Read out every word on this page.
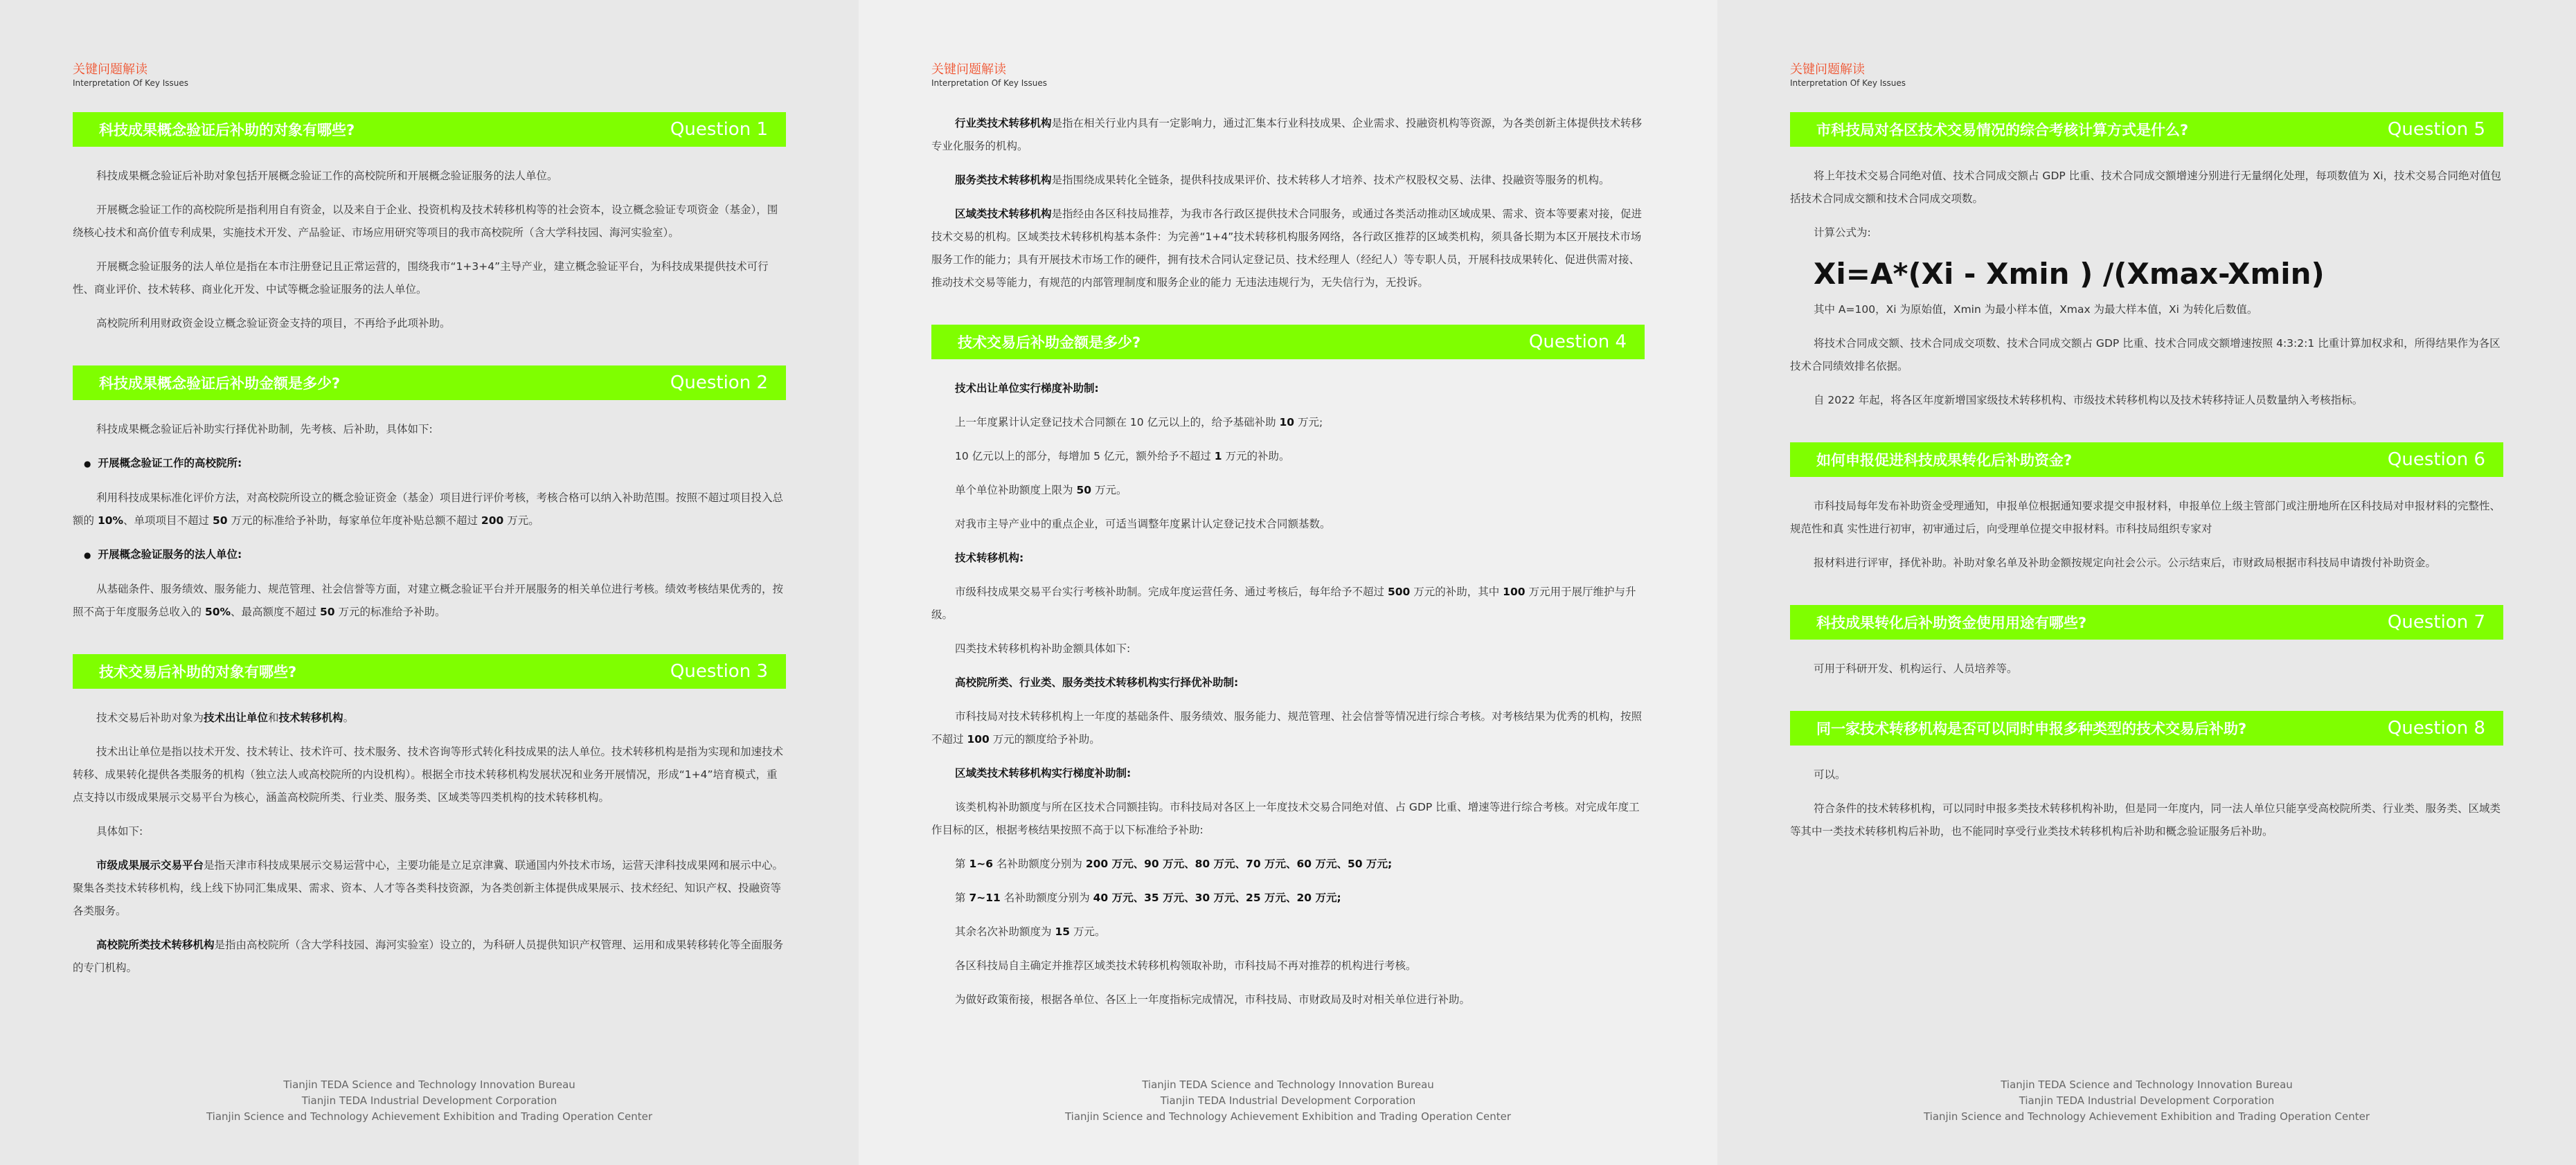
关键问题解读
Interpretation Of Key Issues
科技成果概念验证后补助的对象有哪些?	Question 1

科技成果概念验证后补助对象包括开展概念验证工作的高校院所和开展概念验证服务的法人单位。

开展概念验证工作的高校院所是指利用自有资金，以及来自于企业、投资机构及技术转移机构等的社会资本，设立概念验证专项资金（基金），围绕核心技术和高价值专利成果，实施技术开发、产品验证、市场应用研究等项目的我市高校院所（含大学科技园、海河实验室）。

开展概念验证服务的法人单位是指在本市注册登记且正常运营的，围绕我市“1+3+4”主导产业，建立概念验证平台，为科技成果提供技术可行性、商业评价、技术转移、商业化开发、中试等概念验证服务的法人单位。

高校院所利用财政资金设立概念验证资金支持的项目，不再给予此项补助。

科技成果概念验证后补助金额是多少?	Question 2

科技成果概念验证后补助实行择优补助制，先考核、后补助，具体如下:

● 开展概念验证工作的高校院所:

利用科技成果标准化评价方法，对高校院所设立的概念验证资金（基金）项目进行评价考核，考核合格可以纳入补助范围。按照不超过项目投入总额的 10%、单项项目不超过 50 万元的标准给予补助，每家单位年度补贴总额不超过 200 万元。

● 开展概念验证服务的法人单位:

从基础条件、服务绩效、服务能力、规范管理、社会信誉等方面，对建立概念验证平台并开展服务的相关单位进行考核。绩效考核结果优秀的，按照不高于年度服务总收入的 50%、最高额度不超过 50 万元的标准给予补助。

技术交易后补助的对象有哪些?	Question 3

技术交易后补助对象为技术出让单位和技术转移机构。

技术出让单位是指以技术开发、技术转让、技术许可、技术服务、技术咨询等形式转化科技成果的法人单位。技术转移机构是指为实现和加速技术转移、成果转化提供各类服务的机构（独立法人或高校院所的内设机构）。根据全市技术转移机构发展状况和业务开展情况，形成“1+4”培育模式，重点支持以市级成果展示交易平台为核心，涵盖高校院所类、行业类、服务类、区域类等四类机构的技术转移机构。

具体如下:

市级成果展示交易平台是指天津市科技成果展示交易运营中心，主要功能是立足京津冀、联通国内外技术市场，运营天津科技成果网和展示中心。聚集各类技术转移机构，线上线下协同汇集成果、需求、资本、人才等各类科技资源，为各类创新主体提供成果展示、技术经纪、知识产权、投融资等各类服务。

高校院所类技术转移机构是指由高校院所（含大学科技园、海河实验室）设立的，为科研人员提供知识产权管理、运用和成果转移转化等全面服务的专门机构。

Tianjin TEDA Science and Technology Innovation Bureau
Tianjin TEDA Industrial Development Corporation
Tianjin Science and Technology Achievement Exhibition and Trading Operation Center
关键问题解读
Interpretation Of Key Issues

行业类技术转移机构是指在相关行业内具有一定影响力，通过汇集本行业科技成果、企业需求、投融资机构等资源，为各类创新主体提供技术转移专业化服务的机构。

服务类技术转移机构是指围绕成果转化全链条，提供科技成果评价、技术转移人才培养、技术产权股权交易、法律、投融资等服务的机构。

区域类技术转移机构是指经由各区科技局推荐，为我市各行政区提供技术合同服务，或通过各类活动推动区域成果、需求、资本等要素对接，促进技术交易的机构。区域类技术转移机构基本条件：为完善“1+4”技术转移机构服务网络，各行政区推荐的区域类机构，须具备长期为本区开展技术市场服务工作的能力；具有开展技术市场工作的硬件，拥有技术合同认定登记员、技术经理人（经纪人）等专职人员，开展科技成果转化、促进供需对接、推动技术交易等能力，有规范的内部管理制度和服务企业的能力 无违法违规行为，无失信行为，无投诉。

技术交易后补助金额是多少?	Question 4

技术出让单位实行梯度补助制:

上一年度累计认定登记技术合同额在 10 亿元以上的，给予基础补助 10 万元;

10 亿元以上的部分，每增加 5 亿元，额外给予不超过 1 万元的补助。

单个单位补助额度上限为 50 万元。

对我市主导产业中的重点企业，可适当调整年度累计认定登记技术合同额基数。

技术转移机构:

市级科技成果交易平台实行考核补助制。完成年度运营任务、通过考核后，每年给予不超过 500 万元的补助，其中 100 万元用于展厅维护与升级。

四类技术转移机构补助金额具体如下:

高校院所类、行业类、服务类技术转移机构实行择优补助制:

市科技局对技术转移机构上一年度的基础条件、服务绩效、服务能力、规范管理、社会信誉等情况进行综合考核。对考核结果为优秀的机构，按照不超过 100 万元的额度给予补助。

区域类技术转移机构实行梯度补助制:

该类机构补助额度与所在区技术合同额挂钩。市科技局对各区上一年度技术交易合同绝对值、占 GDP 比重、增速等进行综合考核。对完成年度工作目标的区，根据考核结果按照不高于以下标准给予补助:

第 1~6 名补助额度分别为 200 万元、90 万元、80 万元、70 万元、60 万元、50 万元;

第 7~11 名补助额度分别为 40 万元、35 万元、30 万元、25 万元、20 万元;

其余名次补助额度为 15 万元。

各区科技局自主确定并推荐区域类技术转移机构领取补助，市科技局不再对推荐的机构进行考核。

为做好政策衔接，根据各单位、各区上一年度指标完成情况，市科技局、市财政局及时对相关单位进行补助。

Tianjin TEDA Science and Technology Innovation Bureau
Tianjin TEDA Industrial Development Corporation
Tianjin Science and Technology Achievement Exhibition and Trading Operation Center
关键问题解读
Interpretation Of Key Issues
市科技局对各区技术交易情况的综合考核计算方式是什么?	Question 5

将上年技术交易合同绝对值、技术合同成交额占 GDP 比重、技术合同成交额增速分别进行无量纲化处理，每项数值为 Xi，技术交易合同绝对值包括技术合同成交额和技术合同成交项数。

计算公式为:

Xi=A*(Xi - Xmin ) /(Xmax-Xmin)

其中 A=100，Xi 为原始值，Xmin 为最小样本值，Xmax 为最大样本值，Xi 为转化后数值。

将技术合同成交额、技术合同成交项数、技术合同成交额占 GDP 比重、技术合同成交额增速按照 4:3:2:1 比重计算加权求和，所得结果作为各区技术合同绩效排名依据。

自 2022 年起，将各区年度新增国家级技术转移机构、市级技术转移机构以及技术转移持证人员数量纳入考核指标。

如何申报促进科技成果转化后补助资金?	Question 6

市科技局每年发布补助资金受理通知，申报单位根据通知要求提交申报材料，申报单位上级主管部门或注册地所在区科技局对申报材料的完整性、规范性和真 实性进行初审，初审通过后，向受理单位提交申报材料。市科技局组织专家对

报材料进行评审，择优补助。补助对象名单及补助金额按规定向社会公示。公示结束后，市财政局根据市科技局申请拨付补助资金。

科技成果转化后补助资金使用用途有哪些?	Question 7

可用于科研开发、机构运行、人员培养等。

同一家技术转移机构是否可以同时申报多种类型的技术交易后补助?	Question 8

可以。

符合条件的技术转移机构，可以同时申报多类技术转移机构补助，但是同一年度内，同一法人单位只能享受高校院所类、行业类、服务类、区域类等其中一类技术转移机构后补助，也不能同时享受行业类技术转移机构后补助和概念验证服务后补助。

Tianjin TEDA Science and Technology Innovation Bureau
Tianjin TEDA Industrial Development Corporation
Tianjin Science and Technology Achievement Exhibition and Trading Operation Center
